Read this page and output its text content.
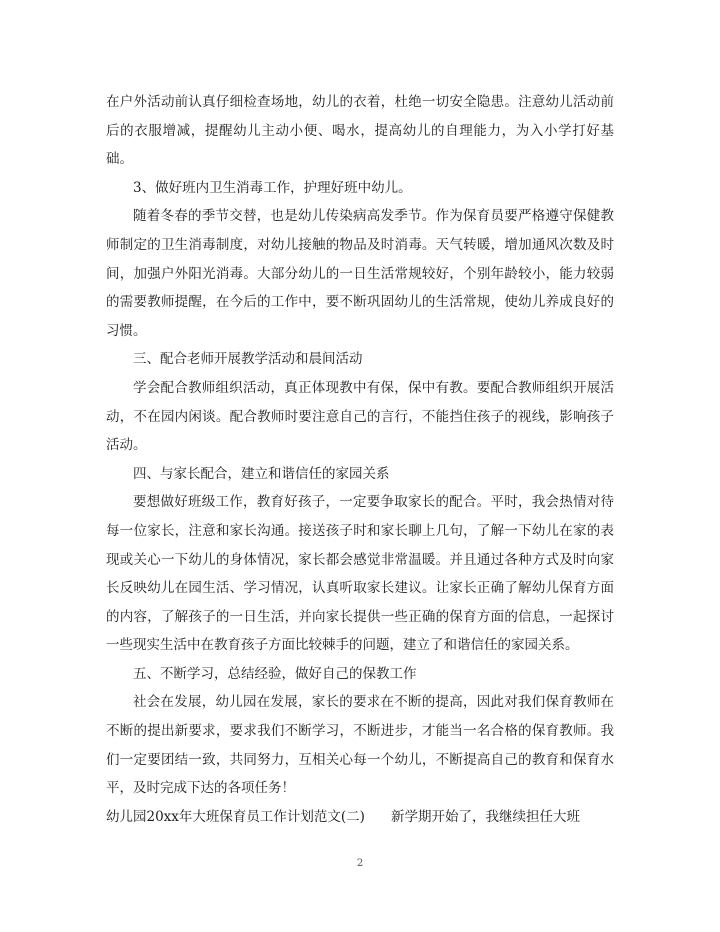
在户外活动前认真仔细检查场地，幼儿的衣着，杜绝一切安全隐患。注意幼儿活动前后的衣服增减，提醒幼儿主动小便、喝水，提高幼儿的自理能力，为入小学打好基础。

3、做好班内卫生消毒工作，护理好班中幼儿。

随着冬春的季节交替，也是幼儿传染病高发季节。作为保育员要严格遵守保健教师制定的卫生消毒制度，对幼儿接触的物品及时消毒。天气转暖，增加通风次数及时间，加强户外阳光消毒。大部分幼儿的一日生活常规较好，个别年龄较小，能力较弱的需要教师提醒，在今后的工作中，要不断巩固幼儿的生活常规，使幼儿养成良好的习惯。

三、配合老师开展教学活动和晨间活动

学会配合教师组织活动，真正体现教中有保，保中有教。要配合教师组织开展活动，不在园内闲谈。配合教师时要注意自己的言行，不能挡住孩子的视线，影响孩子活动。

四、与家长配合，建立和谐信任的家园关系

要想做好班级工作，教育好孩子，一定要争取家长的配合。平时，我会热情对待每一位家长，注意和家长沟通。接送孩子时和家长聊上几句，了解一下幼儿在家的表现或关心一下幼儿的身体情况，家长都会感觉非常温暖。并且通过各种方式及时向家长反映幼儿在园生活、学习情况，认真听取家长建议。让家长正确了解幼儿保育方面的内容，了解孩子的一日生活，并向家长提供一些正确的保育方面的信息，一起探讨一些现实生活中在教育孩子方面比较棘手的问题，建立了和谐信任的家园关系。

五、不断学习，总结经验，做好自己的保教工作

社会在发展，幼儿园在发展，家长的要求在不断的提高，因此对我们保育教师在不断的提出新要求，要求我们不断学习，不断进步，才能当一名合格的保育教师。我们一定要团结一致，共同努力，互相关心每一个幼儿，不断提高自己的教育和保育水平，及时完成下达的各项任务！

幼儿园20xx年大班保育员工作计划范文(二) 新学期开始了，我继续担任大班

2
